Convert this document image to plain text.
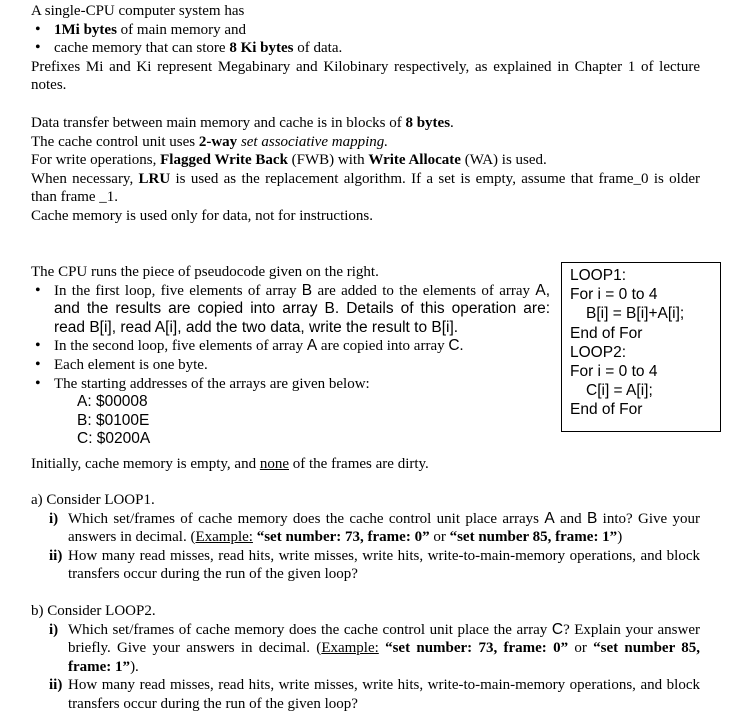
A single-CPU computer system has

• 1Mi bytes of main memory and
• cache memory that can store 8 Ki bytes of data.

Prefixes Mi and Ki represent Megabinary and Kilobinary respectively, as explained in Chapter 1 of lecture notes.

Data transfer between main memory and cache is in blocks of 8 bytes.

The cache control unit uses 2-way set associative mapping.

For write operations, Flagged Write Back (FWB) with Write Allocate (WA) is used.

When necessary, LRU is used as the replacement algorithm. If a set is empty, assume that frame_0 is older than frame _1.

Cache memory is used only for data, not for instructions.

The CPU runs the piece of pseudocode given on the right.

• In the first loop, five elements of array B are added to the elements of array A, and the results are copied into array B. Details of this operation are: read B[i], read A[i], add the two data, write the result to B[i].
• In the second loop, five elements of array A are copied into array C.
• Each element is one byte.
• The starting addresses of the arrays are given below:

A: $00008

B: $0100E

C: $0200A

Initially, cache memory is empty, and none of the frames are dirty.

LOOP1:
For i = 0 to 4
B[i] = B[i]+A[i];
End of For
LOOP2:
For i = 0 to 4
C[i] = A[i];
End of For

a) Consider LOOP1.

i) Which set/frames of cache memory does the cache control unit place arrays A and B into? Give your answers in decimal. (Example: “set number: 73, frame: 0” or “set number 85, frame: 1”)
ii) How many read misses, read hits, write misses, write hits, write-to-main-memory operations, and block transfers occur during the run of the given loop?

b) Consider LOOP2.

i) Which set/frames of cache memory does the cache control unit place the array C? Explain your answer briefly. Give your answers in decimal. (Example: “set number: 73, frame: 0” or “set number 85, frame: 1”).
ii) How many read misses, read hits, write misses, write hits, write-to-main-memory operations, and block transfers occur during the run of the given loop?
